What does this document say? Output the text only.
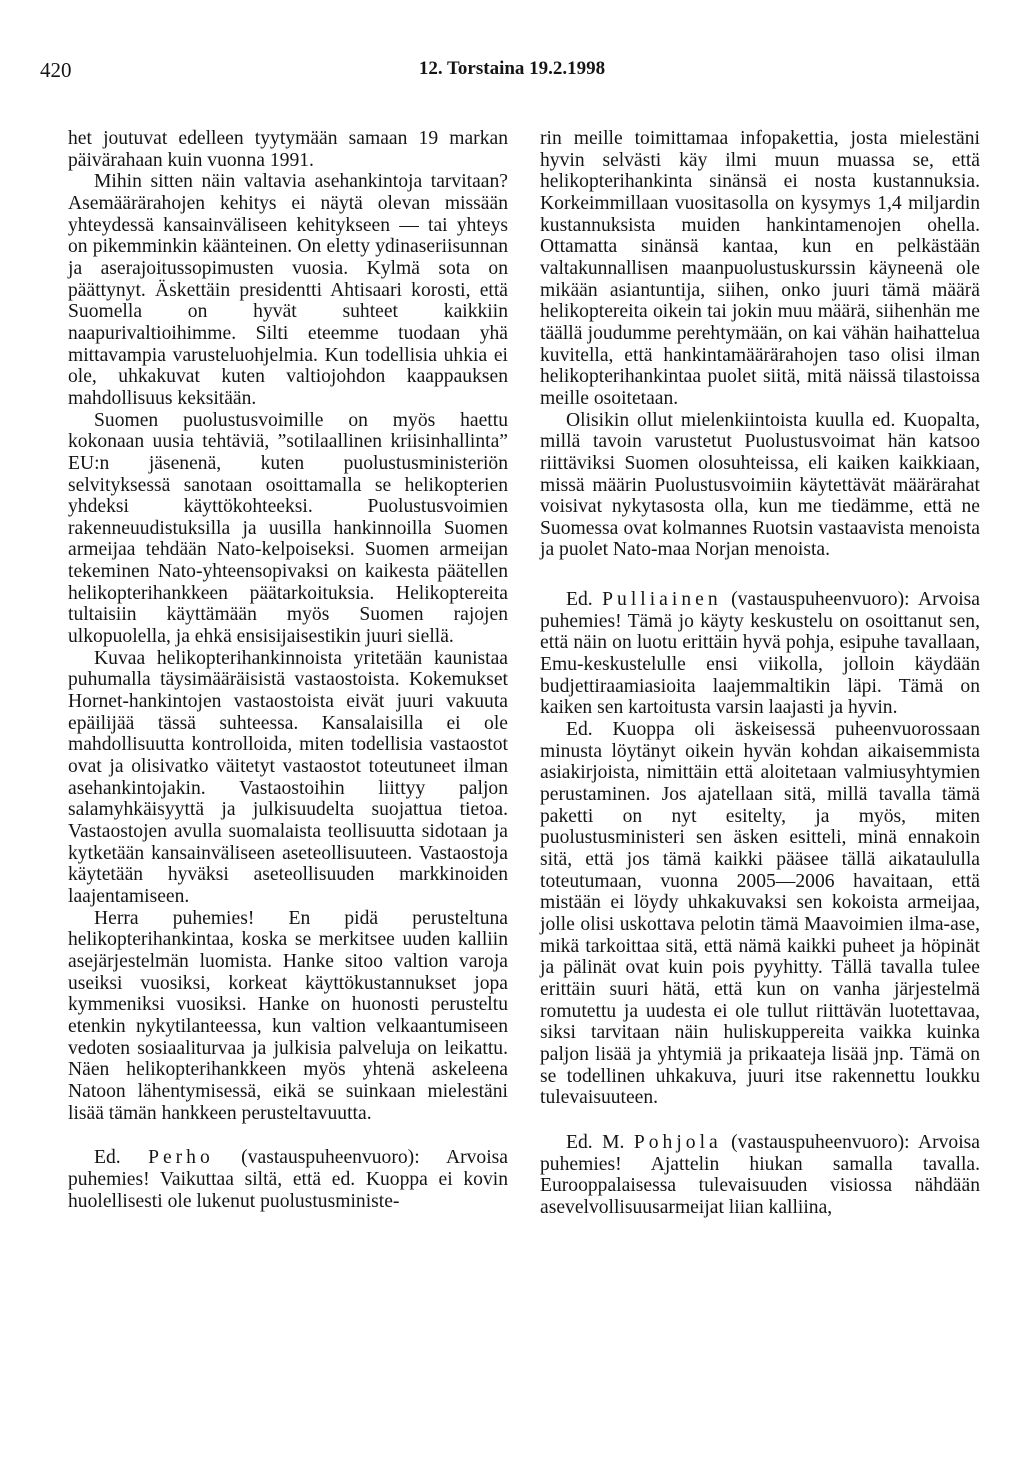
420	12. Torstaina 19.2.1998

het joutuvat edelleen tyytymään samaan 19 markan päivärahaan kuin vuonna 1991.

Mihin sitten näin valtavia asehankintoja tarvitaan? Asemäärärahojen kehitys ei näytä olevan missään yhteydessä kansainväliseen kehitykseen — tai yhteys on pikemminkin käänteinen. On eletty ydinaseriisunnan ja aserajoitussopimusten vuosia. Kylmä sota on päättynyt. Äskettäin presidentti Ahtisaari korosti, että Suomella on hyvät suhteet kaikkiin naapurivaltioihimme. Silti eteemme tuodaan yhä mittavampia varusteluohjelmia. Kun todellisia uhkia ei ole, uhkakuvat kuten valtiojohdon kaappauksen mahdollisuus keksitään.

Suomen puolustusvoimille on myös haettu kokonaan uusia tehtäviä, ”sotilaallinen kriisinhallinta” EU:n jäsenenä, kuten puolustusministeriön selvityksessä sanotaan osoittamalla se helikopterien yhdeksi käyttökohteeksi. Puolustusvoimien rakenneuudistuksilla ja uusilla hankinnoilla Suomen armeijaa tehdään Nato-kelpoiseksi. Suomen armeijan tekeminen Nato-yhteensopivaksi on kaikesta päätellen helikopterihankkeen päätarkoituksia. Helikoptereita tultaisiin käyttämään myös Suomen rajojen ulkopuolella, ja ehkä ensisijaisestikin juuri siellä.

Kuvaa helikopterihankinnoista yritetään kaunistaa puhumalla täysimääräisistä vastaostoista. Kokemukset Hornet-hankintojen vastaostoista eivät juuri vakuuta epäilijää tässä suhteessa. Kansalaisilla ei ole mahdollisuutta kontrolloida, miten todellisia vastaostot ovat ja olisivatko väitetyt vastaostot toteutuneet ilman asehankintojakin. Vastaostoihin liittyy paljon salamyhkäisyyttä ja julkisuudelta suojattua tietoa. Vastaostojen avulla suomalaista teollisuutta sidotaan ja kytketään kansainväliseen aseteollisuuteen. Vastaostoja käytetään hyväksi aseteollisuuden markkinoiden laajentamiseen.

Herra puhemies! En pidä perusteltuna helikopterihankintaa, koska se merkitsee uuden kalliin asejärjestelmän luomista. Hanke sitoo valtion varoja useiksi vuosiksi, korkeat käyttökustannukset jopa kymmeniksi vuosiksi. Hanke on huonosti perusteltu etenkin nykytilanteessa, kun valtion velkaantumiseen vedoten sosiaaliturvaa ja julkisia palveluja on leikattu. Näen helikopterihankkeen myös yhtenä askeleena Natoon lähentymisessä, eikä se suinkaan mielestäni lisää tämän hankkeen perusteltavuutta.

Ed. Perho (vastauspuheenvuoro): Arvoisa puhemies! Vaikuttaa siltä, että ed. Kuoppa ei kovin huolellisesti ole lukenut puolustusministe-

rin meille toimittamaa infopakettia, josta mielestäni hyvin selvästi käy ilmi muun muassa se, että helikopterihankinta sinänsä ei nosta kustannuksia. Korkeimmillaan vuositasolla on kysymys 1,4 miljardin kustannuksista muiden hankintamenojen ohella. Ottamatta sinänsä kantaa, kun en pelkästään valtakunnallisen maanpuolustuskurssin käyneenä ole mikään asiantuntija, siihen, onko juuri tämä määrä helikoptereita oikein tai jokin muu määrä, siihenhän me täällä joudumme perehtymään, on kai vähän haihattelua kuvitella, että hankintamäärärahojen taso olisi ilman helikopterihankintaa puolet siitä, mitä näissä tilastoissa meille osoitetaan.

Olisikin ollut mielenkiintoista kuulla ed. Kuopalta, millä tavoin varustetut Puolustusvoimat hän katsoo riittäviksi Suomen olosuhteissa, eli kaiken kaikkiaan, missä määrin Puolustusvoimiin käytettävät määrärahat voisivat nykytasosta olla, kun me tiedämme, että ne Suomessa ovat kolmannes Ruotsin vastaavista menoista ja puolet Nato-maa Norjan menoista.

Ed. Pulliainen (vastauspuheenvuoro): Arvoisa puhemies! Tämä jo käyty keskustelu on osoittanut sen, että näin on luotu erittäin hyvä pohja, esipuhe tavallaan, Emu-keskustelulle ensi viikolla, jolloin käydään budjettiraamiasioita laajemmaltikin läpi. Tämä on kaiken sen kartoitusta varsin laajasti ja hyvin.

Ed. Kuoppa oli äskeisessä puheenvuorossaan minusta löytänyt oikein hyvän kohdan aikaisemmista asiakirjoista, nimittäin että aloitetaan valmiusyhtymien perustaminen. Jos ajatellaan sitä, millä tavalla tämä paketti on nyt esitelty, ja myös, miten puolustusministeri sen äsken esitteli, minä ennakoin sitä, että jos tämä kaikki pääsee tällä aikataululla toteutumaan, vuonna 2005—2006 havaitaan, että mistään ei löydy uhkakuvaksi sen kokoista armeijaa, jolle olisi uskottava pelotin tämä Maavoimien ilma-ase, mikä tarkoittaa sitä, että nämä kaikki puheet ja höpinät ja pälinät ovat kuin pois pyyhitty. Tällä tavalla tulee erittäin suuri hätä, että kun on vanha järjestelmä romutettu ja uudesta ei ole tullut riittävän luotettavaa, siksi tarvitaan näin huliskuppereita vaikka kuinka paljon lisää ja yhtymiä ja prikaateja lisää jnp. Tämä on se todellinen uhkakuva, juuri itse rakennettu loukku tulevaisuuteen.

Ed. M. Pohjola (vastauspuheenvuoro): Arvoisa puhemies! Ajattelin hiukan samalla tavalla. Eurooppalaisessa tulevaisuuden visiossa nähdään asevelvollisuusarmeijat liian kalliina,
